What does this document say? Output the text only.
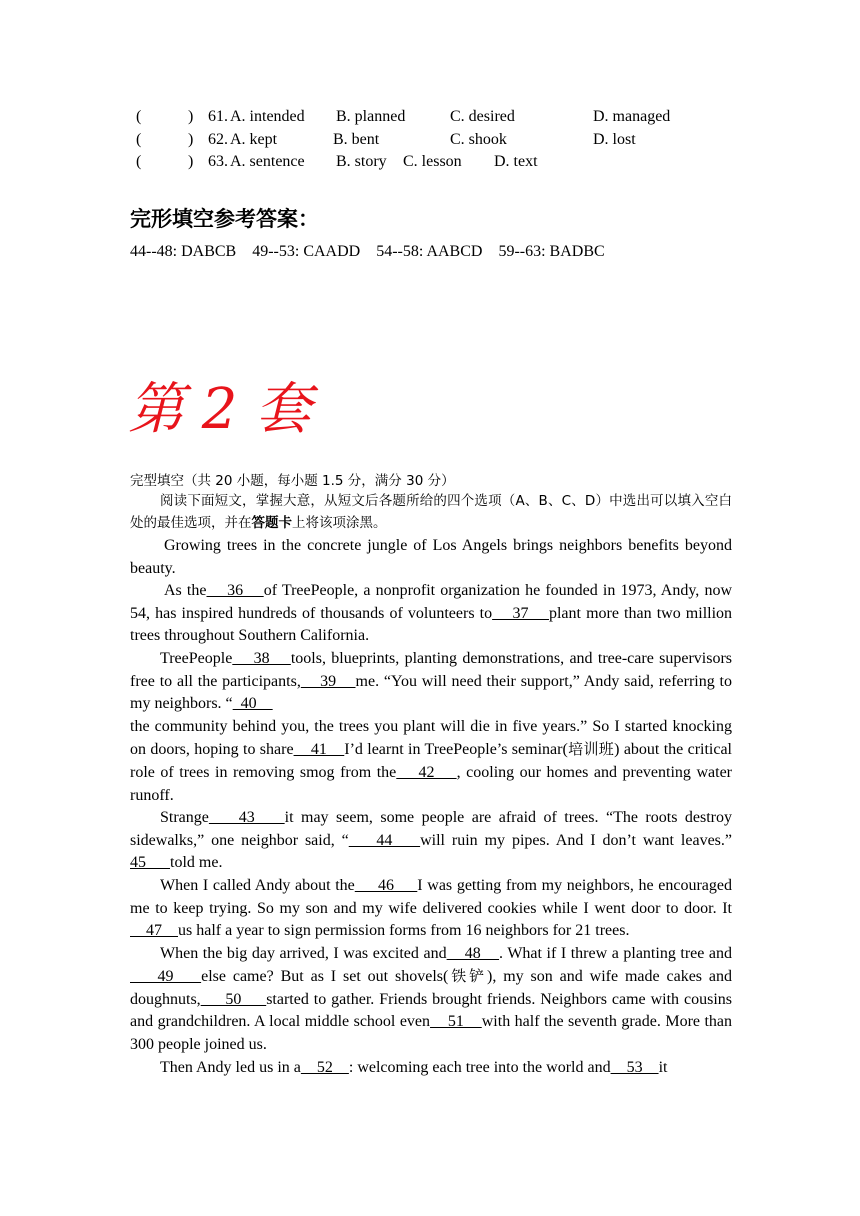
(	) 61. A. intended B. planned	C. desired	D. managed
(	) 62. A. kept	B. bent	C. shook	D. lost
(	) 63. A. sentence B. story C. lesson D. text
完形填空参考答案：
44--48: DABCB    49--53: CAADD    54--58: AABCD    59--63: BADBC
第 2 套
完型填空（共 20 小题，每小题 1.5 分，满分 30 分）
阅读下面短文，掌握大意，从短文后各题所给的四个选项（A、B、C、D）中选出可以填入空白处的最佳选项，并在答题卡上将该项涂黑。

Growing trees in the concrete jungle of Los Angels brings neighbors benefits beyond beauty.

As the    36    of TreePeople, a nonprofit organization he founded in 1973, Andy, now 54, has inspired hundreds of thousands of volunteers to    37    plant more than two million trees throughout Southern California.

TreePeople    38    tools, blueprints, planting demonstrations, and tree-care supervisors free to all the participants,    39    me. “You will need their support,” Andy said, referring to my neighbors. “  40
the community behind you, the trees you plant will die in five years.” So I started knocking on doors, hoping to share    41    I’d learnt in TreePeople’s seminar(培训班) about the critical role of trees in removing smog from the    42    , cooling our homes and preventing water runoff.

Strange    43    it may seem, some people are afraid of trees. “The roots destroy sidewalks,” one neighbor said, “    44    will ruin my pipes. And I don’t want leaves.” 45      told me.

When I called Andy about the     46     I was getting from my neighbors, he encouraged me to keep trying. So my son and my wife delivered cookies while I went door to door. It    47    us half a year to sign permission forms from 16 neighbors for 21 trees.

When the big day arrived, I was excited and    48    . What if I threw a planting tree and    49    else came? But as I set out shovels(铁铲), my son and wife made cakes and doughnuts,     50     started to gather. Friends brought friends. Neighbors came with cousins and grandchildren. A local middle school even    51    with half the seventh grade. More than 300 people joined us.

Then Andy led us in a    52    : welcoming each tree into the world and    53    it
